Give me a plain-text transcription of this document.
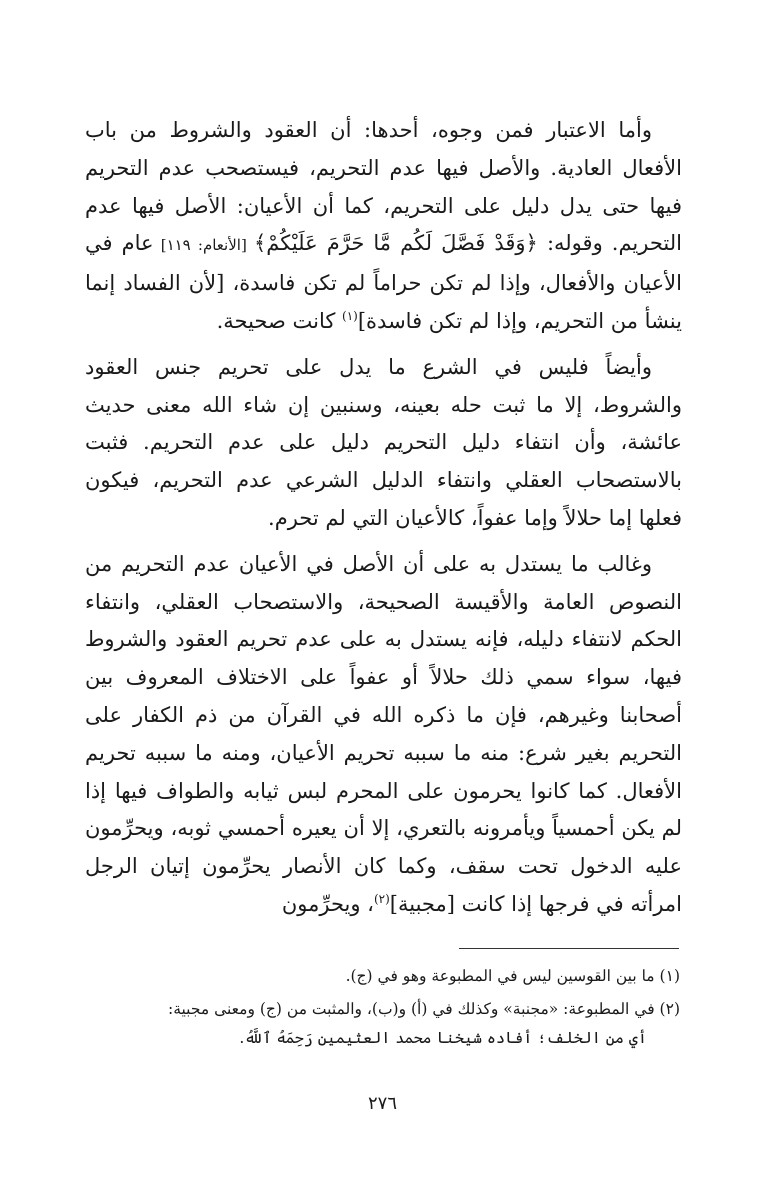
وأما الاعتبار فمن وجوه، أحدها: أن العقود والشروط من باب الأفعال العادية. والأصل فيها عدم التحريم، فيستصحب عدم التحريم فيها حتى يدل دليل على التحريم، كما أن الأعيان: الأصل فيها عدم التحريم. وقوله: ﴿وَقَدْ فَصَّلَ لَكُم مَّا حَرَّمَ عَلَيْكُمْ﴾ [الأنعام: ١١٩] عام في الأعيان والأفعال، وإذا لم تكن حراماً لم تكن فاسدة، [لأن الفساد إنما ينشأ من التحريم، وإذا لم تكن فاسدة]$^{(١)}$ كانت صحيحة.

وأيضاً فليس في الشرع ما يدل على تحريم جنس العقود والشروط، إلا ما ثبت حله بعينه، وسنبين إن شاء الله معنى حديث عائشة، وأن انتفاء دليل التحريم دليل على عدم التحريم. فثبت بالاستصحاب العقلي وانتفاء الدليل الشرعي عدم التحريم، فيكون فعلها إما حلالاً وإما عفواً، كالأعيان التي لم تحرم.

وغالب ما يستدل به على أن الأصل في الأعيان عدم التحريم من النصوص العامة والأقيسة الصحيحة، والاستصحاب العقلي، وانتفاء الحكم لانتفاء دليله، فإنه يستدل به على عدم تحريم العقود والشروط فيها، سواء سمي ذلك حلالاً أو عفواً على الاختلاف المعروف بين أصحابنا وغيرهم، فإن ما ذكره الله في القرآن من ذم الكفار على التحريم بغير شرع: منه ما سببه تحريم الأعيان، ومنه ما سببه تحريم الأفعال. كما كانوا يحرمون على المحرم لبس ثيابه والطواف فيها إذا لم يكن أحمسياً ويأمرونه بالتعري، إلا أن يعيره أحمسي ثوبه، ويحرِّمون عليه الدخول تحت سقف، وكما كان الأنصار يحرِّمون إتيان الرجل امرأته في فرجها إذا كانت [مجبية]$^{(٢)}$، ويحرِّمون

(١) ما بين القوسين ليس في المطبوعة وهو في (ج).
(٢) في المطبوعة: «مجنبة» وكذلك في (أ) و(ب)، والمثبت من (ج) ومعنى مجبية:
أي من الخلف؛ أفاده شيخنا محمد العثيمين رَحِمَهُ ٱللَّهُ.
٢٧٦
